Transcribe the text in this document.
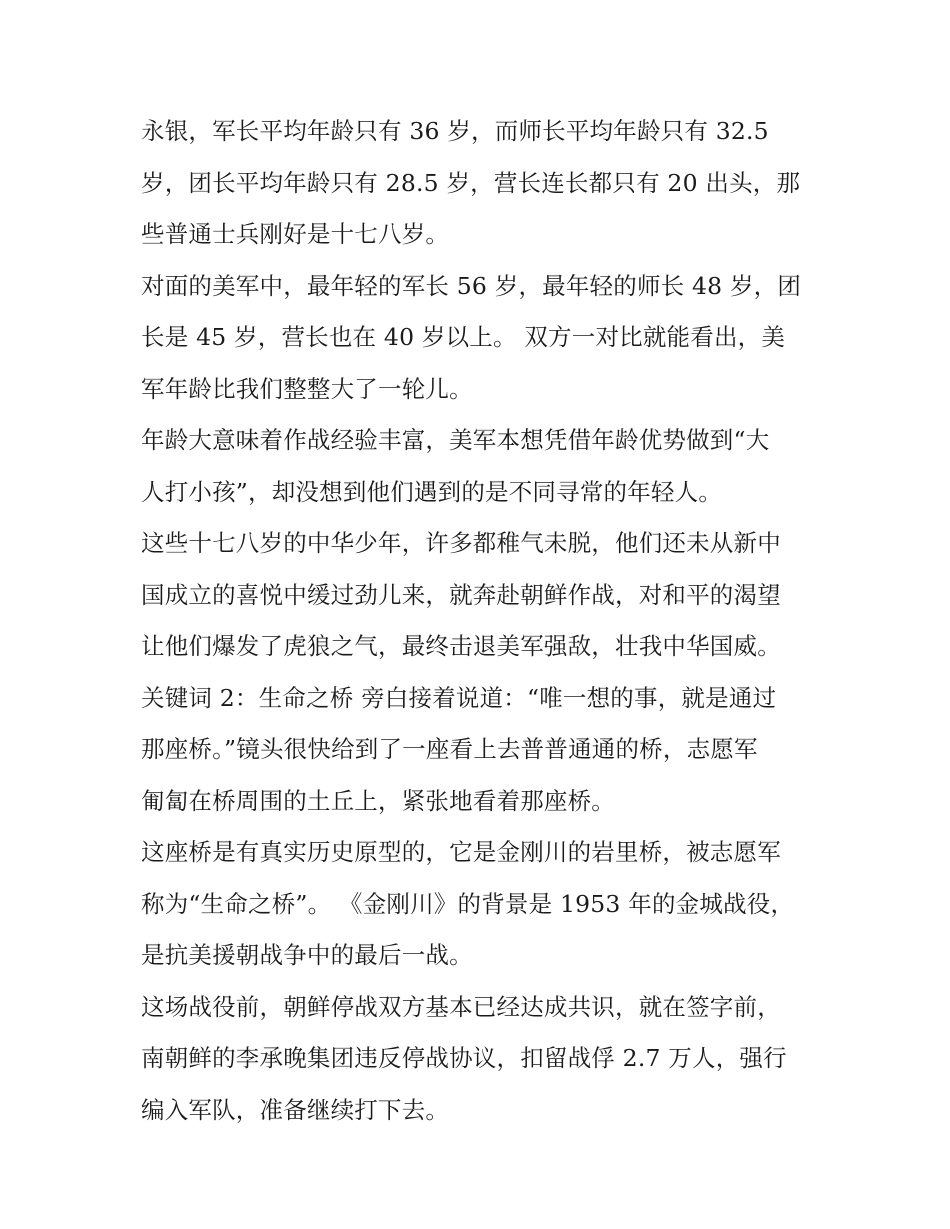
永银，军长平均年龄只有 36 岁，而师长平均年龄只有 32.5
岁，团长平均年龄只有 28.5 岁，营长连长都只有 20 出头，那
些普通士兵刚好是十七八岁。
对面的美军中，最年轻的军长 56 岁，最年轻的师长 48 岁，团
长是 45 岁，营长也在 40 岁以上。 双方一对比就能看出，美
军年龄比我们整整大了一轮儿。
年龄大意味着作战经验丰富，美军本想凭借年龄优势做到“大
人打小孩”，却没想到他们遇到的是不同寻常的年轻人。
这些十七八岁的中华少年，许多都稚气未脱，他们还未从新中
国成立的喜悦中缓过劲儿来，就奔赴朝鲜作战，对和平的渴望
让他们爆发了虎狼之气，最终击退美军强敌，壮我中华国威。
关键词 2：生命之桥 旁白接着说道：“唯一想的事，就是通过
那座桥。”镜头很快给到了一座看上去普普通通的桥，志愿军
匍匐在桥周围的土丘上，紧张地看着那座桥。
这座桥是有真实历史原型的，它是金刚川的岩里桥，被志愿军
称为“生命之桥”。 《金刚川》的背景是 1953 年的金城战役，
是抗美援朝战争中的最后一战。
这场战役前，朝鲜停战双方基本已经达成共识，就在签字前，
南朝鲜的李承晚集团违反停战协议，扣留战俘 2.7 万人，强行
编入军队，准备继续打下去。
